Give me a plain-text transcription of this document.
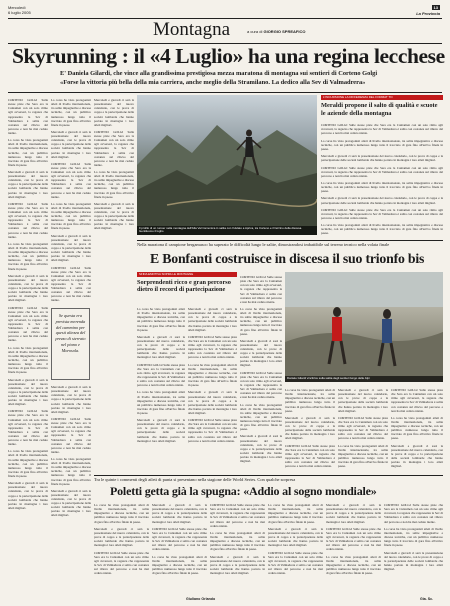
Mercoledì
6 luglio 2005
13
La Provincia
Montagna	a cura di GIORGIO SPREAFICO
Skyrunning : il «4 Luglio» ha una regina lecchese
E' Daniela Gilardi, che vince alla grandissima prestigiosa mezza maratona di montagna sui sentieri di Corteno Golgi
«Forse la vittoria più bella della mia carriera, anche meglio della Stramilano. La dedico alla Sev di Valmadrera»

CORTENO GOLGI Sulle stesse piste che Sara era la Cuntamen con un solo ritmo agli avversari, la ragazza che rappresenta la Sev di Valmadrera è salita con costanza sul rilievo del percorso e non ha mai ceduto niente.

La corsa ha visto protagonisti atleti di livello internazionale, tra salite impegnative e discese tecniche, con un pubblico numeroso lungo tutto il tracciato di gara fino all'arrivo finale in paese.

Mercoledì e giovedì ci sarà la presentazione del nuovo calendario, con le prove di coppa e la partecipazione delle società lombarde che hanno portato in montagna i loro atleti migliori.

CORTENO GOLGI Sulle stesse piste che Sara era la Cuntamen con un solo ritmo agli avversari, la ragazza che rappresenta la Sev di Valmadrera è salita con costanza sul rilievo del percorso e non ha mai ceduto niente.

La corsa ha visto protagonisti atleti di livello internazionale, tra salite impegnative e discese tecniche, con un pubblico numeroso lungo tutto il tracciato di gara fino all'arrivo finale in paese.

Mercoledì e giovedì ci sarà la presentazione del nuovo calendario, con le prove di coppa e la partecipazione delle società lombarde che hanno portato in montagna i loro atleti migliori.

CORTENO GOLGI Sulle stesse piste che Sara era la Cuntamen con un solo ritmo agli avversari, la ragazza che rappresenta la Sev di Valmadrera è salita con costanza sul rilievo del percorso e non ha mai ceduto niente.

La corsa ha visto protagonisti atleti di livello internazionale, tra salite impegnative e discese tecniche, con un pubblico numeroso lungo tutto il tracciato di gara fino all'arrivo finale in paese.

Mercoledì e giovedì ci sarà la presentazione del nuovo calendario, con le prove di coppa e la partecipazione delle società lombarde che hanno portato in montagna i loro atleti migliori.

CORTENO GOLGI Sulle stesse piste che Sara era la Cuntamen con un solo ritmo agli avversari, la ragazza che rappresenta la Sev di Valmadrera è salita con costanza sul rilievo del percorso e non ha mai ceduto niente.

La corsa ha visto protagonisti atleti di livello internazionale, tra salite impegnative e discese tecniche, con un pubblico numeroso lungo tutto il tracciato di gara fino all'arrivo finale in paese.

Mercoledì e giovedì ci sarà la presentazione del nuovo calendario, con le prove di coppa e la partecipazione delle società lombarde che hanno portato in montagna i loro atleti migliori.

La corsa ha visto protagonisti atleti di livello internazionale, tra salite impegnative e discese tecniche, con un pubblico numeroso lungo tutto il tracciato di gara fino all'arrivo finale in paese.

Mercoledì e giovedì ci sarà la presentazione del nuovo calendario, con le prove di coppa e la partecipazione delle società lombarde che hanno portato in montagna i loro atleti migliori.

CORTENO GOLGI Sulle stesse piste che Sara era la Cuntamen con un solo ritmo agli avversari, la ragazza che rappresenta la Sev di Valmadrera è salita con costanza sul rilievo del percorso e non ha mai ceduto niente.

La corsa ha visto protagonisti atleti di livello internazionale, tra salite impegnative e discese tecniche, con un pubblico numeroso lungo tutto il tracciato di gara fino all'arrivo finale in paese.

Mercoledì e giovedì ci sarà la presentazione del nuovo calendario, con le prove di coppa e la partecipazione delle società lombarde che hanno portato in montagna i loro atleti migliori.

CORTENO GOLGI Sulle stesse piste che Sara era la Cuntamen con un solo ritmo agli avversari, la ragazza che rappresenta la Sev di Valmadrera è salita con costanza sul rilievo del percorso e non ha mai ceduto niente.

Se questa era prevista merenda del cammino per questi altezza del prezzo di sterrato nel piano e Morosola.

Mercoledì e giovedì ci sarà la presentazione del nuovo calendario, con le prove di coppa e la partecipazione delle società lombarde che hanno portato in montagna i loro atleti migliori.

CORTENO GOLGI Sulle stesse piste che Sara era la Cuntamen con un solo ritmo agli avversari, la ragazza che rappresenta la Sev di Valmadrera è salita con costanza sul rilievo del percorso e non ha mai ceduto niente.

La corsa ha visto protagonisti atleti di livello internazionale, tra salite impegnative e discese tecniche, con un pubblico numeroso lungo tutto il tracciato di gara fino all'arrivo finale in paese.

Mercoledì e giovedì ci sarà la presentazione del nuovo calendario, con le prove di coppa e la partecipazione delle società lombarde che hanno portato in montagna i loro atleti migliori.

Mercoledì e giovedì ci sarà la presentazione del nuovo calendario, con le prove di coppa e la partecipazione delle società lombarde che hanno portato in montagna i loro atleti migliori.

CORTENO GOLGI Sulle stesse piste che Sara era la Cuntamen con un solo ritmo agli avversari, la ragazza che rappresenta la Sev di Valmadrera è salita con costanza sul rilievo del percorso e non ha mai ceduto niente.

La corsa ha visto protagonisti atleti di livello internazionale, tra salite impegnative e discese tecniche, con un pubblico numeroso lungo tutto il tracciato di gara fino all'arrivo finale in paese.

Mercoledì e giovedì ci sarà la presentazione del nuovo calendario, con le prove di coppa e la partecipazione delle società lombarde che hanno portato in montagna i loro atleti migliori.	Il profilo di un runner nella montagna dell'Alta Val Camonica in salita con l'ululato a Aprica, tra Corteno e il fazzino della discesa. Gentiluomo il luglio
L'INCURSIONE LA DIFFERENZA DEL FORMAT TO
Meraldi propone il salto di qualità e scuote le aziende della montagna

CORTENO GOLGI Sulle stesse piste che Sara era la Cuntamen con un solo ritmo agli avversari, la ragazza che rappresenta la Sev di Valmadrera è salita con costanza sul rilievo del percorso e non ha mai ceduto niente.

La corsa ha visto protagonisti atleti di livello internazionale, tra salite impegnative e discese tecniche, con un pubblico numeroso lungo tutto il tracciato di gara fino all'arrivo finale in paese.

Mercoledì e giovedì ci sarà la presentazione del nuovo calendario, con le prove di coppa e la partecipazione delle società lombarde che hanno portato in montagna i loro atleti migliori.

CORTENO GOLGI Sulle stesse piste che Sara era la Cuntamen con un solo ritmo agli avversari, la ragazza che rappresenta la Sev di Valmadrera è salita con costanza sul rilievo del percorso e non ha mai ceduto niente.

La corsa ha visto protagonisti atleti di livello internazionale, tra salite impegnative e discese tecniche, con un pubblico numeroso lungo tutto il tracciato di gara fino all'arrivo finale in paese.

Mercoledì e giovedì ci sarà la presentazione del nuovo calendario, con le prove di coppa e la partecipazione delle società lombarde che hanno portato in montagna i loro atleti migliori.

CORTENO GOLGI Sulle stesse piste che Sara era la Cuntamen con un solo ritmo agli avversari, la ragazza che rappresenta la Sev di Valmadrera è salita con costanza sul rilievo del percorso e non ha mai ceduto niente.

La corsa ha visto protagonisti atleti di livello internazionale, tra salite impegnative e discese tecniche, con un pubblico numeroso lungo tutto il tracciato di gara fino all'arrivo finale in paese.

Nella maratona il campione bergamasco ha superato le difficoltà lungo le salite, dimostrandosi imbattibile sul terreno tecnico nella volata finale
E Bonfanti costruisce in discesa il suo trionfo bis
SFIDA EMOTIVA SOPRA LE MONTAGNE
Sorprendenti ricco e gran percorso dietro il record di partecipazione

La corsa ha visto protagonisti atleti di livello internazionale, tra salite impegnative e discese tecniche, con un pubblico numeroso lungo tutto il tracciato di gara fino all'arrivo finale in paese.

Mercoledì e giovedì ci sarà la presentazione del nuovo calendario, con le prove di coppa e la partecipazione delle società lombarde che hanno portato in montagna i loro atleti migliori.

CORTENO GOLGI Sulle stesse piste che Sara era la Cuntamen con un solo ritmo agli avversari, la ragazza che rappresenta la Sev di Valmadrera è salita con costanza sul rilievo del percorso e non ha mai ceduto niente.

La corsa ha visto protagonisti atleti di livello internazionale, tra salite impegnative e discese tecniche, con un pubblico numeroso lungo tutto il tracciato di gara fino all'arrivo finale in paese.

Mercoledì e giovedì ci sarà la presentazione del nuovo calendario, con le prove di coppa e la partecipazione delle società lombarde che hanno portato in montagna i loro atleti migliori.

Mercoledì e giovedì ci sarà la presentazione del nuovo calendario, con le prove di coppa e la partecipazione delle società lombarde che hanno portato in montagna i loro atleti migliori.

CORTENO GOLGI Sulle stesse piste che Sara era la Cuntamen con un solo ritmo agli avversari, la ragazza che rappresenta la Sev di Valmadrera è salita con costanza sul rilievo del percorso e non ha mai ceduto niente.

La corsa ha visto protagonisti atleti di livello internazionale, tra salite impegnative e discese tecniche, con un pubblico numeroso lungo tutto il tracciato di gara fino all'arrivo finale in paese.

Mercoledì e giovedì ci sarà la presentazione del nuovo calendario, con le prove di coppa e la partecipazione delle società lombarde che hanno portato in montagna i loro atleti migliori.

CORTENO GOLGI Sulle stesse piste che Sara era la Cuntamen con un solo ritmo agli avversari, la ragazza che rappresenta la Sev di Valmadrera è salita con costanza sul rilievo del percorso e non ha mai ceduto niente.

CORTENO GOLGI Sulle stesse piste che Sara era la Cuntamen con un solo ritmo agli avversari, la ragazza che rappresenta la Sev di Valmadrera è salita con costanza sul rilievo del percorso e non ha mai ceduto niente.

La corsa ha visto protagonisti atleti di livello internazionale, tra salite impegnative e discese tecniche, con un pubblico numeroso lungo tutto il tracciato di gara fino all'arrivo finale in paese.

Mercoledì e giovedì ci sarà la presentazione del nuovo calendario, con le prove di coppa e la partecipazione delle società lombarde che hanno portato in montagna i loro atleti migliori.

CORTENO GOLGI Sulle stesse piste che Sara era la Cuntamen con un solo ritmo agli avversari, la ragazza che rappresenta la Sev di Valmadrera è salita con costanza sul rilievo del percorso e non ha mai ceduto niente.

La corsa ha visto protagonisti atleti di livello internazionale, tra salite impegnative e discese tecniche, con un pubblico numeroso lungo tutto il tracciato di gara fino all'arrivo finale in paese.

Mercoledì e giovedì ci sarà la presentazione del nuovo calendario, con le prove di coppa e la partecipazione delle società lombarde che hanno portato in montagna i loro atleti migliori.

Daniele Gilardi vincitrice sulla salita degli sentieri lungo delle Alpi

La corsa ha visto protagonisti atleti di livello internazionale, tra salite impegnative e discese tecniche, con un pubblico numeroso lungo tutto il tracciato di gara fino all'arrivo finale in paese.

Mercoledì e giovedì ci sarà la presentazione del nuovo calendario, con le prove di coppa e la partecipazione delle società lombarde che hanno portato in montagna i loro atleti migliori.

CORTENO GOLGI Sulle stesse piste che Sara era la Cuntamen con un solo ritmo agli avversari, la ragazza che rappresenta la Sev di Valmadrera è salita con costanza sul rilievo del percorso e non ha mai ceduto niente.

Mercoledì e giovedì ci sarà la presentazione del nuovo calendario, con le prove di coppa e la partecipazione delle società lombarde che hanno portato in montagna i loro atleti migliori.

CORTENO GOLGI Sulle stesse piste che Sara era la Cuntamen con un solo ritmo agli avversari, la ragazza che rappresenta la Sev di Valmadrera è salita con costanza sul rilievo del percorso e non ha mai ceduto niente.

La corsa ha visto protagonisti atleti di livello internazionale, tra salite impegnative e discese tecniche, con un pubblico numeroso lungo tutto il tracciato di gara fino all'arrivo finale in paese.

CORTENO GOLGI Sulle stesse piste che Sara era la Cuntamen con un solo ritmo agli avversari, la ragazza che rappresenta la Sev di Valmadrera è salita con costanza sul rilievo del percorso e non ha mai ceduto niente.

La corsa ha visto protagonisti atleti di livello internazionale, tra salite impegnative e discese tecniche, con un pubblico numeroso lungo tutto il tracciato di gara fino all'arrivo finale in paese.

Mercoledì e giovedì ci sarà la presentazione del nuovo calendario, con le prove di coppa e la partecipazione delle società lombarde che hanno portato in montagna i loro atleti migliori.

Tra le quinte i commenti degli atleti di punta si presentano nella stagione delle World Series. Con qualche sorpresa
Poletti getta già la spugna: «Addio al sogno mondiale»

La corsa ha visto protagonisti atleti di livello internazionale, tra salite impegnative e discese tecniche, con un pubblico numeroso lungo tutto il tracciato di gara fino all'arrivo finale in paese.

Mercoledì e giovedì ci sarà la presentazione del nuovo calendario, con le prove di coppa e la partecipazione delle società lombarde che hanno portato in montagna i loro atleti migliori.

CORTENO GOLGI Sulle stesse piste che Sara era la Cuntamen con un solo ritmo agli avversari, la ragazza che rappresenta la Sev di Valmadrera è salita con costanza sul rilievo del percorso e non ha mai ceduto niente.

Mercoledì e giovedì ci sarà la presentazione del nuovo calendario, con le prove di coppa e la partecipazione delle società lombarde che hanno portato in montagna i loro atleti migliori.

CORTENO GOLGI Sulle stesse piste che Sara era la Cuntamen con un solo ritmo agli avversari, la ragazza che rappresenta la Sev di Valmadrera è salita con costanza sul rilievo del percorso e non ha mai ceduto niente.

La corsa ha visto protagonisti atleti di livello internazionale, tra salite impegnative e discese tecniche, con un pubblico numeroso lungo tutto il tracciato di gara fino all'arrivo finale in paese.

CORTENO GOLGI Sulle stesse piste che Sara era la Cuntamen con un solo ritmo agli avversari, la ragazza che rappresenta la Sev di Valmadrera è salita con costanza sul rilievo del percorso e non ha mai ceduto niente.

La corsa ha visto protagonisti atleti di livello internazionale, tra salite impegnative e discese tecniche, con un pubblico numeroso lungo tutto il tracciato di gara fino all'arrivo finale in paese.

Mercoledì e giovedì ci sarà la presentazione del nuovo calendario, con le prove di coppa e la partecipazione delle società lombarde che hanno portato in montagna i loro atleti migliori.

La corsa ha visto protagonisti atleti di livello internazionale, tra salite impegnative e discese tecniche, con un pubblico numeroso lungo tutto il tracciato di gara fino all'arrivo finale in paese.

Mercoledì e giovedì ci sarà la presentazione del nuovo calendario, con le prove di coppa e la partecipazione delle società lombarde che hanno portato in montagna i loro atleti migliori.

CORTENO GOLGI Sulle stesse piste che Sara era la Cuntamen con un solo ritmo agli avversari, la ragazza che rappresenta la Sev di Valmadrera è salita con costanza sul rilievo del percorso e non ha mai ceduto niente.

Mercoledì e giovedì ci sarà la presentazione del nuovo calendario, con le prove di coppa e la partecipazione delle società lombarde che hanno portato in montagna i loro atleti migliori.

CORTENO GOLGI Sulle stesse piste che Sara era la Cuntamen con un solo ritmo agli avversari, la ragazza che rappresenta la Sev di Valmadrera è salita con costanza sul rilievo del percorso e non ha mai ceduto niente.

La corsa ha visto protagonisti atleti di livello internazionale, tra salite impegnative e discese tecniche, con un pubblico numeroso lungo tutto il tracciato di gara fino all'arrivo finale in paese.

CORTENO GOLGI Sulle stesse piste che Sara era la Cuntamen con un solo ritmo agli avversari, la ragazza che rappresenta la Sev di Valmadrera è salita con costanza sul rilievo del percorso e non ha mai ceduto niente.

La corsa ha visto protagonisti atleti di livello internazionale, tra salite impegnative e discese tecniche, con un pubblico numeroso lungo tutto il tracciato di gara fino all'arrivo finale in paese.

Mercoledì e giovedì ci sarà la presentazione del nuovo calendario, con le prove di coppa e la partecipazione delle società lombarde che hanno portato in montagna i loro atleti migliori.

Giuliano Orlando	Gia. Sc.
